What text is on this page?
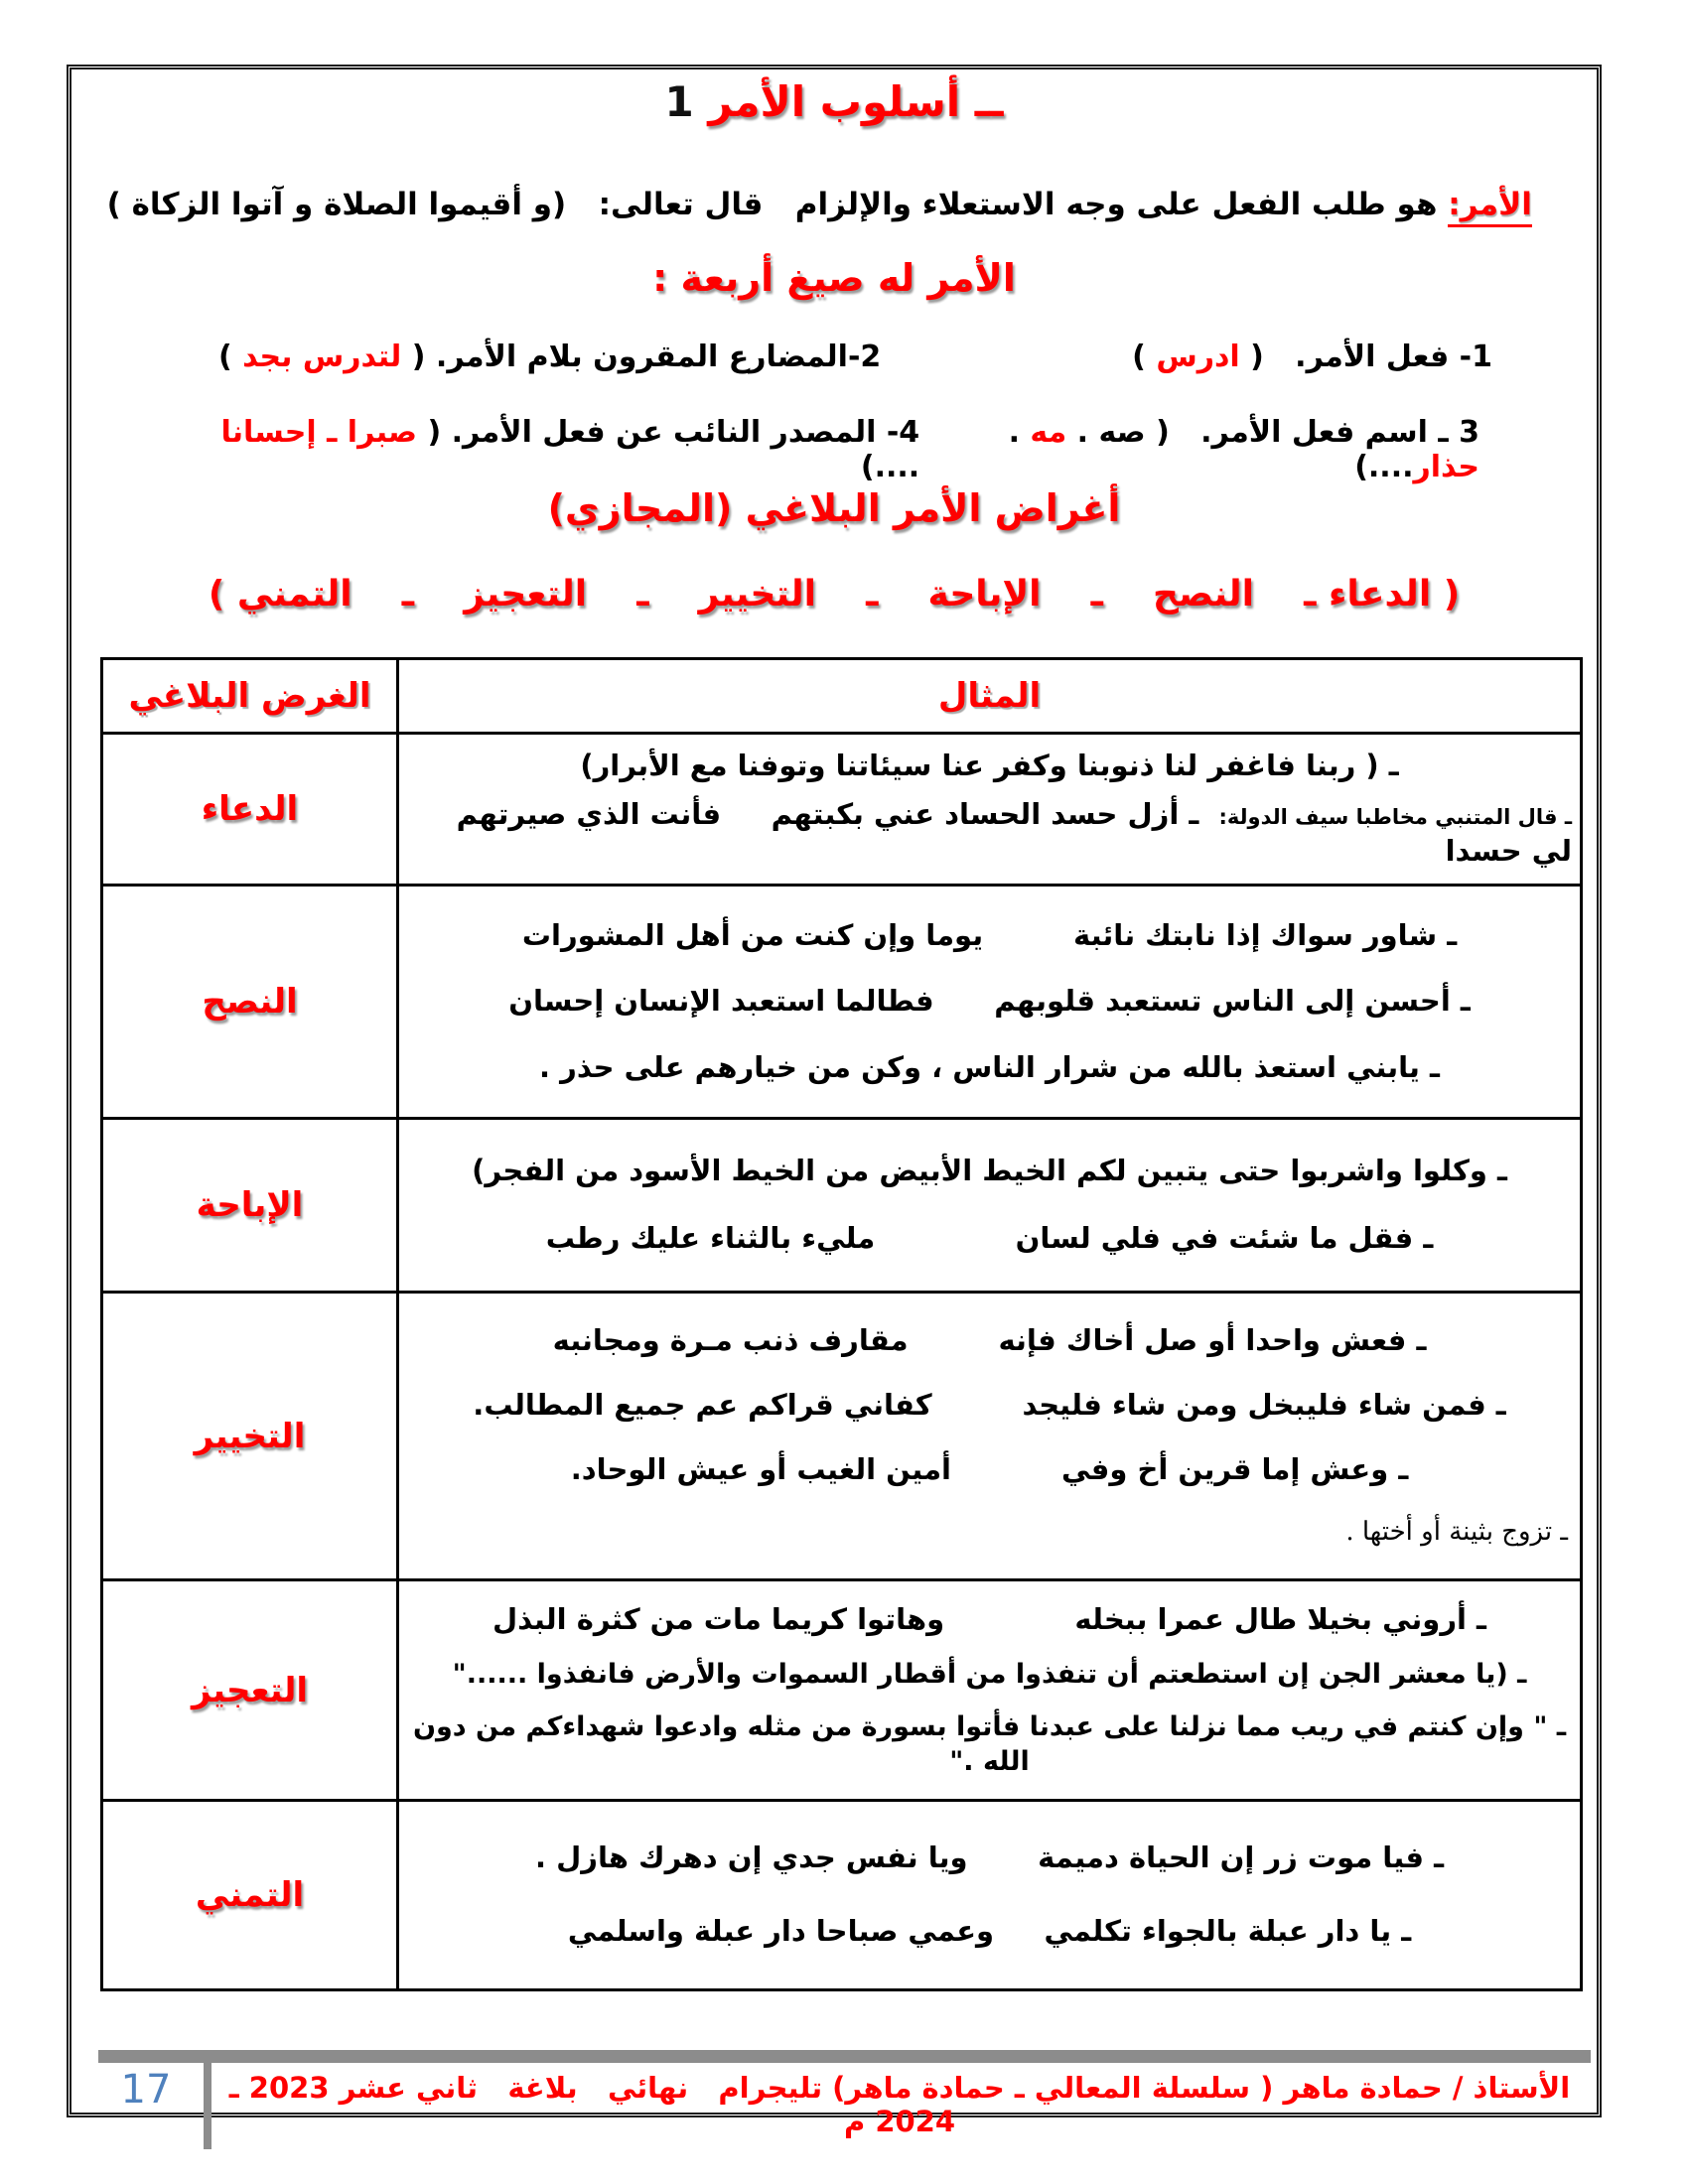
1 ــ أسلوب الأمر

الأمر: هو طلب الفعل على وجه الاستعلاء والإلزام   قال تعالى:   (و أقيموا الصلاة و آتوا الزكاة )

الأمر له صيغ أربعة :
1- فعل الأمر.   ( ادرس )
2-المضارع المقرون بلام الأمر. ( لتدرس بجد )
3 ـ اسم فعل الأمر.   ( صه . مه . حذار....)
4- المصدر النائب عن فعل الأمر. ( صبرا ـ إحسانا ....)
أغراض الأمر البلاغي (المجازي)
( الدعاء ـ    النصح    ـ    الإباحة    ـ    التخيير    ـ    التعجيز    ـ    التمني )
المثال	الغرض البلاغي

ـ ( ربنا فاغفر لنا ذنوبنا وكفر عنا سيئاتنا وتوفنا مع الأبرار)
ـ قال المتنبي مخاطبا سيف الدولة:  ـ أزل حسد الحساد عني بكبتهم     فأنت الذي صيرتهم لي حسدا	الدعاء

ـ شاور سواك إذا نابتك نائبة         يوما وإن كنت من أهل المشورات
ـ أحسن إلى الناس تستعبد قلوبهم      فطالما استعبد الإنسان إحسان
ـ يابني استعذ بالله من شرار الناس ، وكن من خيارهم على حذر .	النصح

ـ وكلوا واشربوا حتى يتبين لكم الخيط الأبيض من الخيط الأسود من الفجر)
ـ فقل ما شئت في فلي لسان              مليء بالثناء عليك رطب	الإباحة

ـ فعش واحدا أو صل أخاك فإنه         مقارف ذنب مـرة ومجانبه
ـ فمن شاء فليبخل ومن شاء فليجد         كفاني قراكم عم جميع المطالب.
ـ وعش إما قرين أخ وفي           أمين الغيب أو عيش الوحاد.
ـ تزوج بثينة أو أختها .	التخيير

ـ أروني بخيلا طال عمرا ببخله             وهاتوا كريما مات من كثرة البذل
ـ (يا معشر الجن إن استطعتم أن تنفذوا من أقطار السموات والأرض فانفذوا ......"
ـ " وإن كنتم في ريب مما نزلنا على عبدنا فأتوا بسورة من مثله وادعوا شهداءكم من دون الله ."	التعجيز

ـ فيا موت زر إن الحياة دميمة       ويا نفس جدي إن دهرك هازل .
ـ يا دار عبلة بالجواء تكلمي     وعمي صباحا دار عبلة واسلمي	التمني
17	الأستاذ / حمادة ماهر ( سلسلة المعالي ـ حمادة ماهر) تليجرام   نهائي   بلاغة   ثاني عشر 2023 ـ 2024 م
